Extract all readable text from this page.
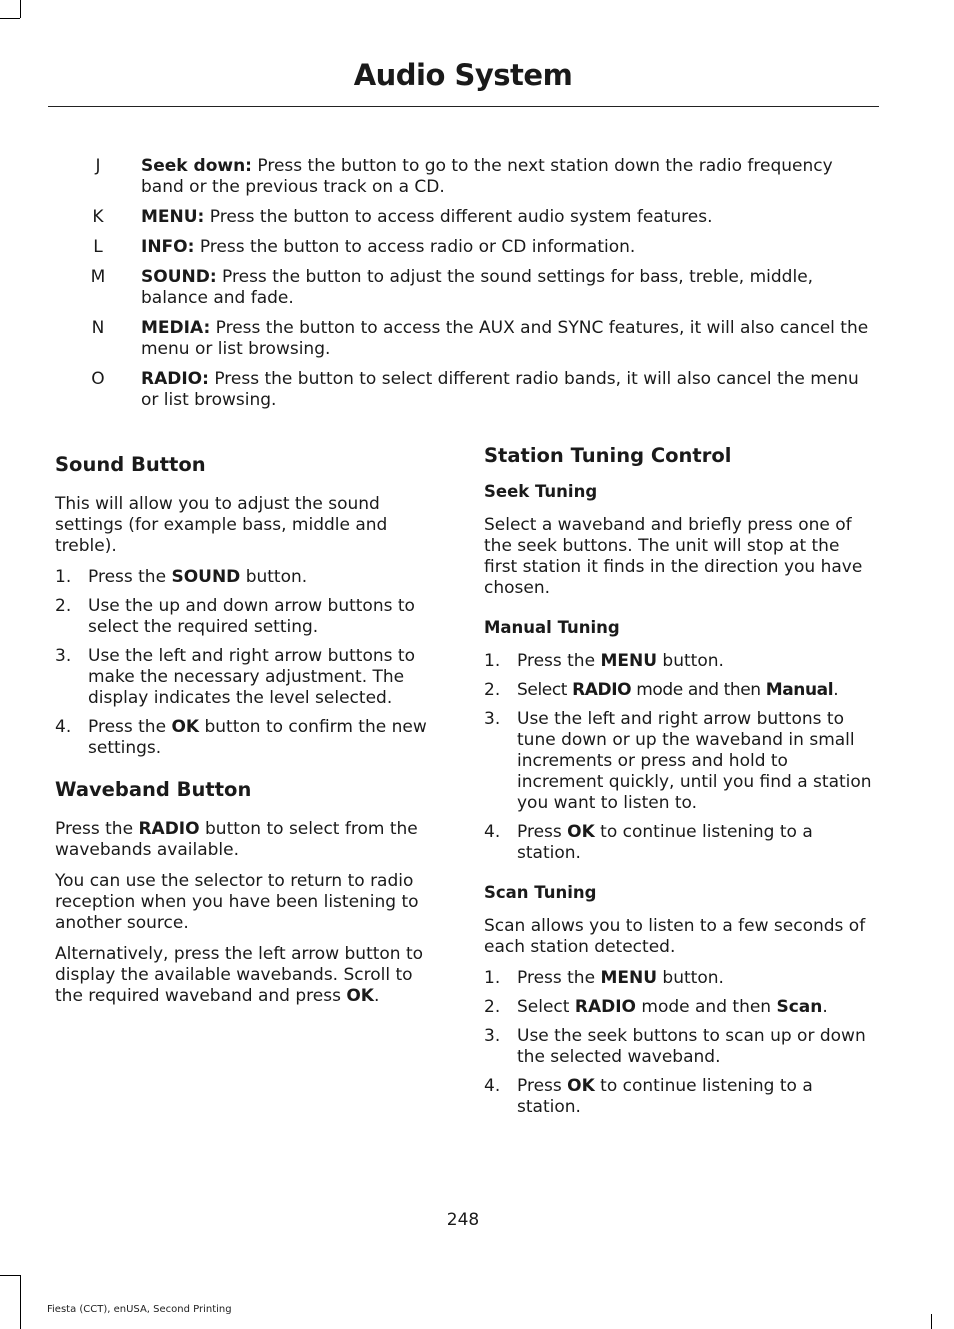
Audio System
J	Seek down: Press the button to go to the next station down the radio frequency band or the previous track on a CD.
K	MENU: Press the button to access different audio system features.
L	INFO: Press the button to access radio or CD information.
M	SOUND: Press the button to adjust the sound settings for bass, treble, middle, balance and fade.
N	MEDIA: Press the button to access the AUX and SYNC features, it will also cancel the menu or list browsing.
O	RADIO: Press the button to select different radio bands, it will also cancel the menu or list browsing.
Sound Button

This will allow you to adjust the sound settings (for example bass, middle and treble).

1. Press the SOUND button.
2. Use the up and down arrow buttons to select the required setting.
3. Use the left and right arrow buttons to make the necessary adjustment. The display indicates the level selected.
4. Press the OK button to confirm the new settings.
Waveband Button

Press the RADIO button to select from the wavebands available.

You can use the selector to return to radio reception when you have been listening to another source.

Alternatively, press the left arrow button to display the available wavebands. Scroll to the required waveband and press OK.

Station Tuning Control
Seek Tuning

Select a waveband and briefly press one of the seek buttons. The unit will stop at the first station it finds in the direction you have chosen.

Manual Tuning
1. Press the MENU button.
2. Select RADIO mode and then Manual.
3. Use the left and right arrow buttons to tune down or up the waveband in small increments or press and hold to increment quickly, until you find a station you want to listen to.
4. Press OK to continue listening to a station.
Scan Tuning

Scan allows you to listen to a few seconds of each station detected.

1. Press the MENU button.
2. Select RADIO mode and then Scan.
3. Use the seek buttons to scan up or down the selected waveband.
4. Press OK to continue listening to a station.
248
Fiesta (CCT), enUSA, Second Printing
